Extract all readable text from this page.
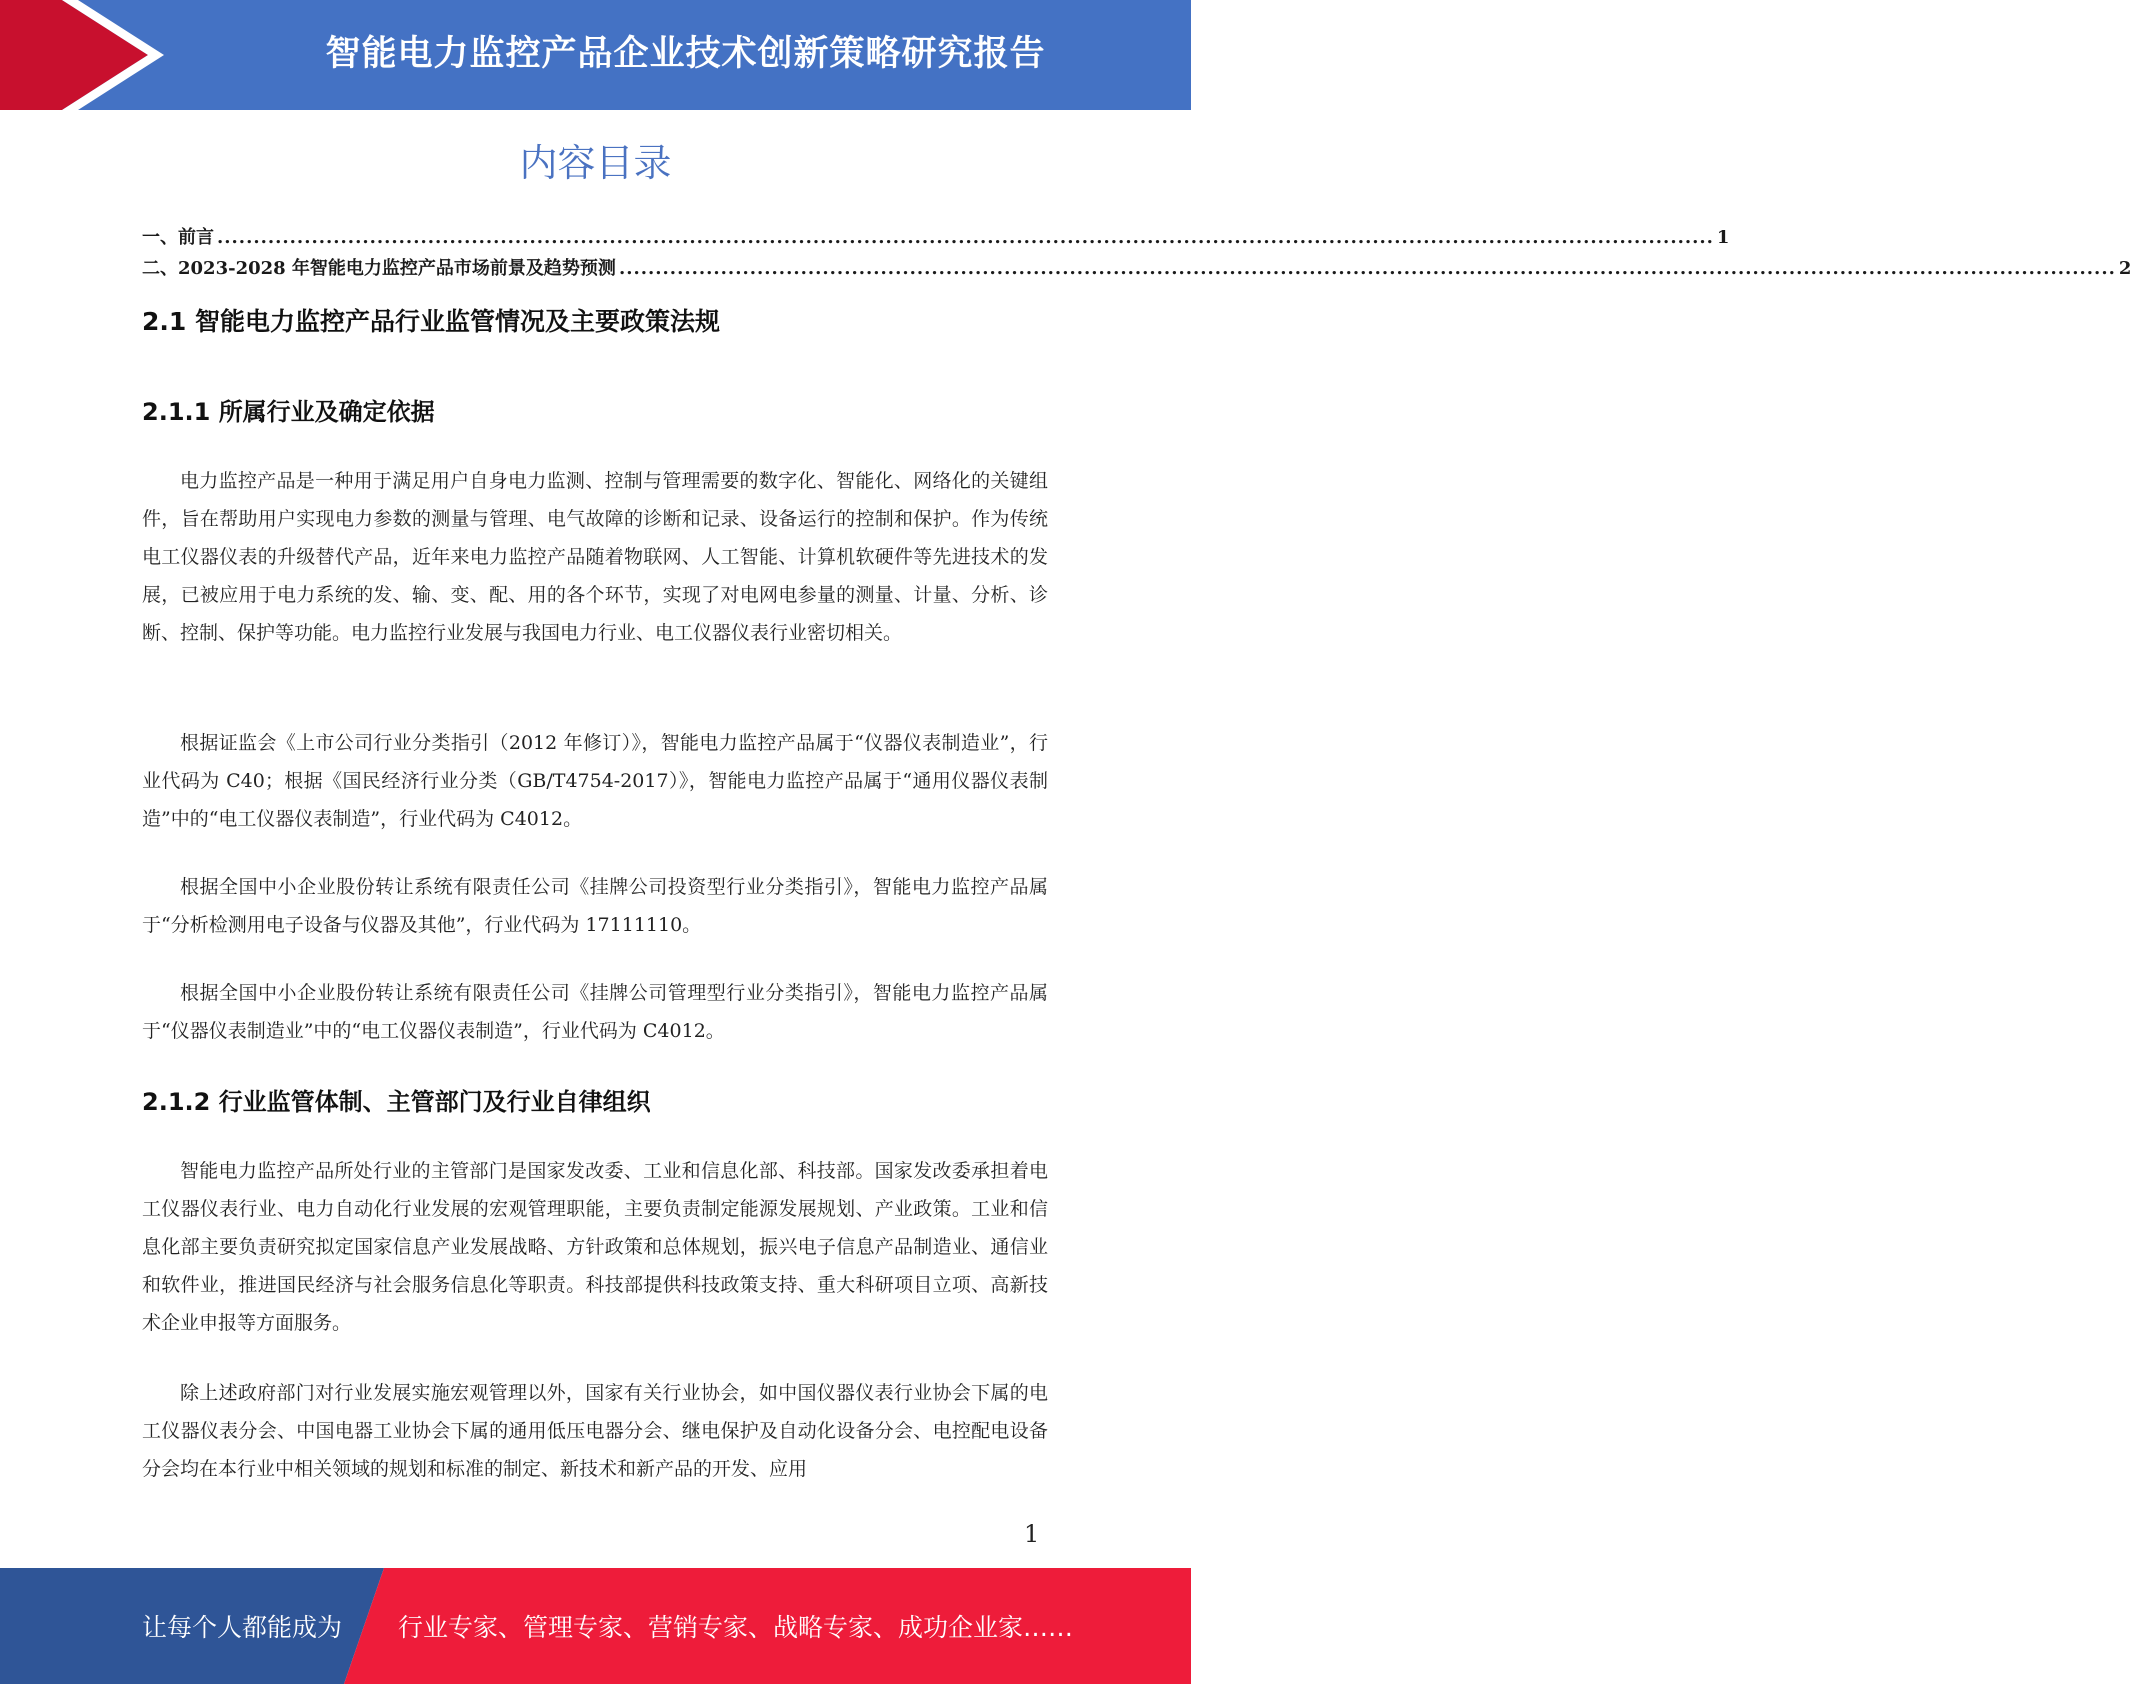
智能电力监控产品企业技术创新策略研究报告
内容目录
一、前言 .............................................................................................................................................................................................................. 1
二、2023-2028 年智能电力监控产品市场前景及趋势预测 .............................................................................................................................................................................................................. 2
2.1 智能电力监控产品行业监管情况及主要政策法规
2.1.1 所属行业及确定依据

电力监控产品是一种用于满足用户自身电力监测、控制与管理需要的数字化、智能化、网络化的关键组件，旨在帮助用户实现电力参数的测量与管理、电气故障的诊断和记录、设备运行的控制和保护。作为传统电工仪器仪表的升级替代产品，近年来电力监控产品随着物联网、人工智能、计算机软硬件等先进技术的发展，已被应用于电力系统的发、输、变、配、用的各个环节，实现了对电网电参量的测量、计量、分析、诊断、控制、保护等功能。电力监控行业发展与我国电力行业、电工仪器仪表行业密切相关。

根据证监会《上市公司行业分类指引（2012 年修订）》，智能电力监控产品属于“仪器仪表制造业”，行业代码为 C40；根据《国民经济行业分类（GB/T4754-2017）》，智能电力监控产品属于“通用仪器仪表制造”中的“电工仪器仪表制造”，行业代码为 C4012。

根据全国中小企业股份转让系统有限责任公司《挂牌公司投资型行业分类指引》，智能电力监控产品属于“分析检测用电子设备与仪器及其他”，行业代码为 17111110。

根据全国中小企业股份转让系统有限责任公司《挂牌公司管理型行业分类指引》，智能电力监控产品属于“仪器仪表制造业”中的“电工仪器仪表制造”，行业代码为 C4012。

2.1.2 行业监管体制、主管部门及行业自律组织

智能电力监控产品所处行业的主管部门是国家发改委、工业和信息化部、科技部。国家发改委承担着电工仪器仪表行业、电力自动化行业发展的宏观管理职能，主要负责制定能源发展规划、产业政策。工业和信息化部主要负责研究拟定国家信息产业发展战略、方针政策和总体规划，振兴电子信息产品制造业、通信业和软件业，推进国民经济与社会服务信息化等职责。科技部提供科技政策支持、重大科研项目立项、高新技术企业申报等方面服务。

除上述政府部门对行业发展实施宏观管理以外，国家有关行业协会，如中国仪器仪表行业协会下属的电工仪器仪表分会、中国电器工业协会下属的通用低压电器分会、继电保护及自动化设备分会、电控配电设备分会均在本行业中相关领域的规划和标准的制定、新技术和新产品的开发、应用

1
让每个人都能成为 行业专家、管理专家、营销专家、战略专家、成功企业家……
